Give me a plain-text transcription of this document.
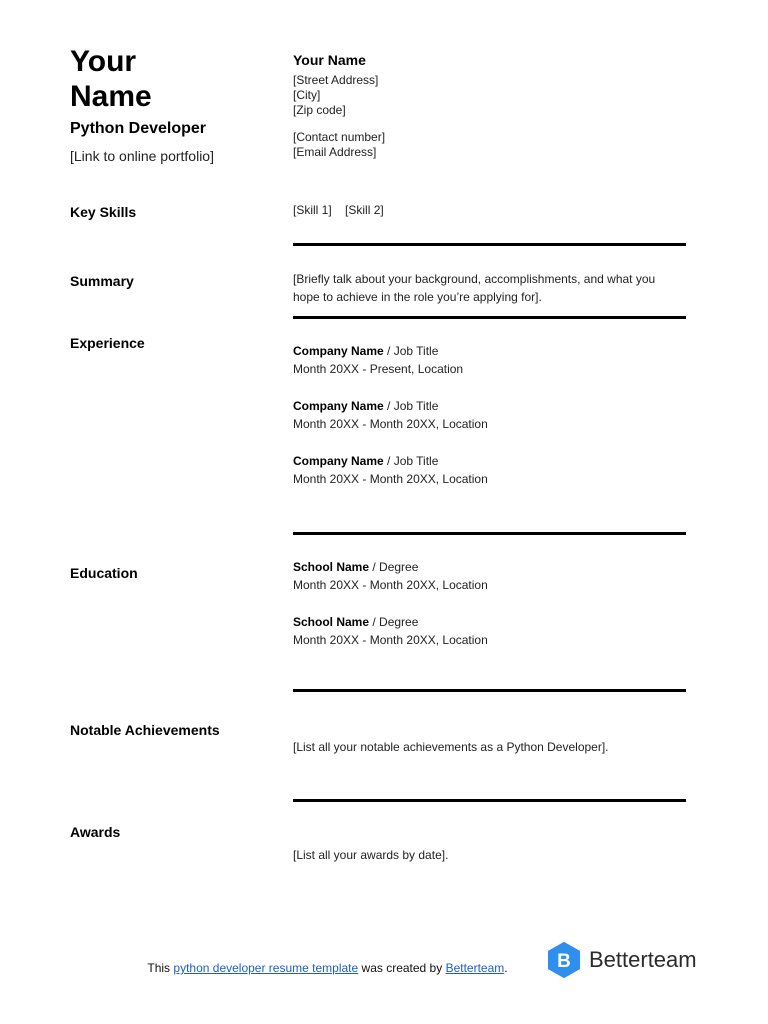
Your
Name
Python Developer
[Link to online portfolio]
Your Name
[Street Address]
[City]
[Zip code]
[Contact number]
[Email Address]
Key Skills	[Skill 1] [Skill 2]
Summary	[Briefly talk about your background, accomplishments, and what you
hope to achieve in the role you’re applying for].
Experience	Company Name / Job Title
Month 20XX - Present, Location
Company Name / Job Title
Month 20XX - Month 20XX, Location
Company Name / Job Title
Month 20XX - Month 20XX, Location
Education	School Name / Degree
Month 20XX - Month 20XX, Location
School Name / Degree
Month 20XX - Month 20XX, Location
Notable Achievements
[List all your notable achievements as a Python Developer].
Awards
[List all your awards by date].
This python developer resume template was created by Betterteam.	B Betterteam
